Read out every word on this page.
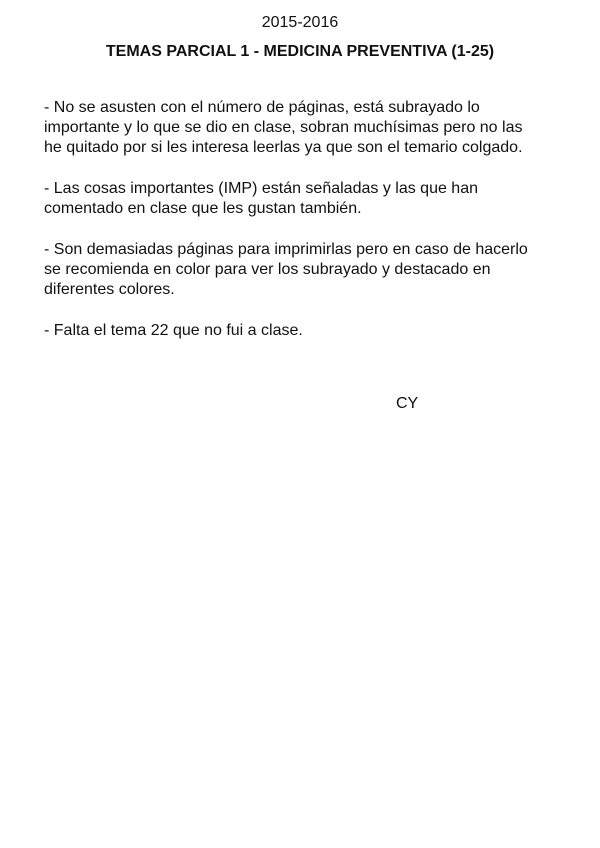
2015-2016
TEMAS PARCIAL 1 - MEDICINA PREVENTIVA (1-25)

- No se asusten con el número de páginas, está subrayado lo
importante y lo que se dio en clase, sobran muchísimas pero no las
he quitado por si les interesa leerlas ya que son el temario colgado.

- Las cosas importantes (IMP) están señaladas y las que han
comentado en clase que les gustan también.

- Son demasiadas páginas para imprimirlas pero en caso de hacerlo
se recomienda en color para ver los subrayado y destacado en
diferentes colores.

- Falta el tema 22 que no fui a clase.

CY
